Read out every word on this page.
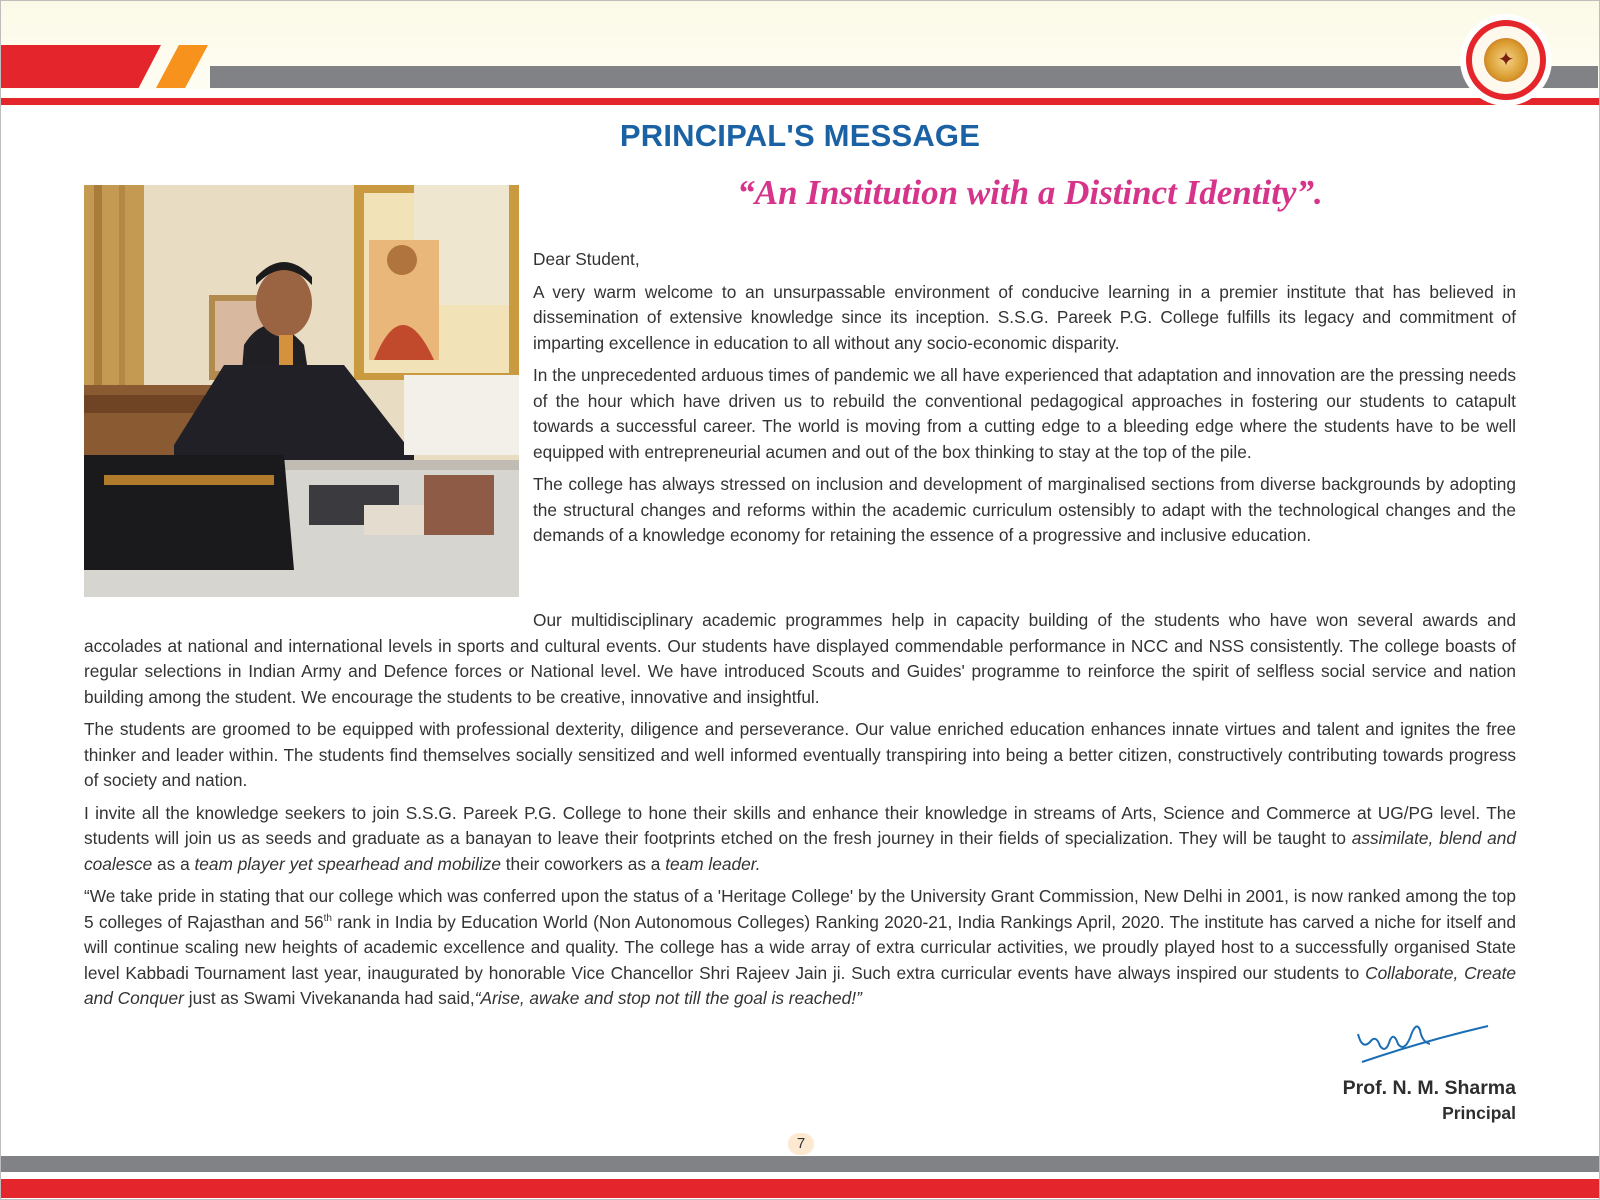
✦
PRINCIPAL'S MESSAGE
“An Institution with a Distinct Identity”.

Dear Student,

A very warm welcome to an unsurpassable environment of conducive learning in a premier institute that has believed in dissemination of extensive knowledge since its inception. S.S.G. Pareek P.G. College fulfills its legacy and commitment of imparting excellence in education to all without any socio-economic disparity.

In the unprecedented arduous times of pandemic we all have experienced that adaptation and innovation are the pressing needs of the hour which have driven us to rebuild the conventional pedagogical approaches in fostering our students to catapult towards a successful career. The world is moving from a cutting edge to a bleeding edge where the students have to be well equipped with entrepreneurial acumen and out of the box thinking to stay at the top of the pile.

The college has always stressed on inclusion and development of marginalised sections from diverse backgrounds by adopting the structural changes and reforms within the academic curriculum ostensibly to adapt with the technological changes and the demands of a knowledge economy for retaining the essence of a progressive and inclusive education.

Our multidisciplinary academic programmes help in capacity building of the students who have won several awards and accolades at national and international levels in sports and cultural events. Our students have displayed commendable performance in NCC and NSS consistently. The college boasts of regular selections in Indian Army and Defence forces or National level. We have introduced Scouts and Guides' programme to reinforce the spirit of selfless social service and nation building among the student. We encourage the students to be creative, innovative and insightful.

The students are groomed to be equipped with professional dexterity, diligence and perseverance. Our value enriched education enhances innate virtues and talent and ignites the free thinker and leader within. The students find themselves socially sensitized and well informed eventually transpiring into being a better citizen, constructively contributing towards progress of society and nation.

I invite all the knowledge seekers to join S.S.G. Pareek P.G. College to hone their skills and enhance their knowledge in streams of Arts, Science and Commerce at UG/PG level. The students will join us as seeds and graduate as a banayan to leave their footprints etched on the fresh journey in their fields of specialization. They will be taught to assimilate, blend and coalesce as a team player yet spearhead and mobilize their coworkers as a team leader.

“We take pride in stating that our college which was conferred upon the status of a 'Heritage College' by the University Grant Commission, New Delhi in 2001, is now ranked among the top 5 colleges of Rajasthan and 56th rank in India by Education World (Non Autonomous Colleges) Ranking 2020-21, India Rankings April, 2020. The institute has carved a niche for itself and will continue scaling new heights of academic excellence and quality. The college has a wide array of extra curricular activities, we proudly played host to a successfully organised State level Kabbadi Tournament last year, inaugurated by honorable Vice Chancellor Shri Rajeev Jain ji. Such extra curricular events have always inspired our students to Collaborate, Create and Conquer just as Swami Vivekananda had said,“Arise, awake and stop not till the goal is reached!”

Prof. N. M. Sharma
Principal
7
